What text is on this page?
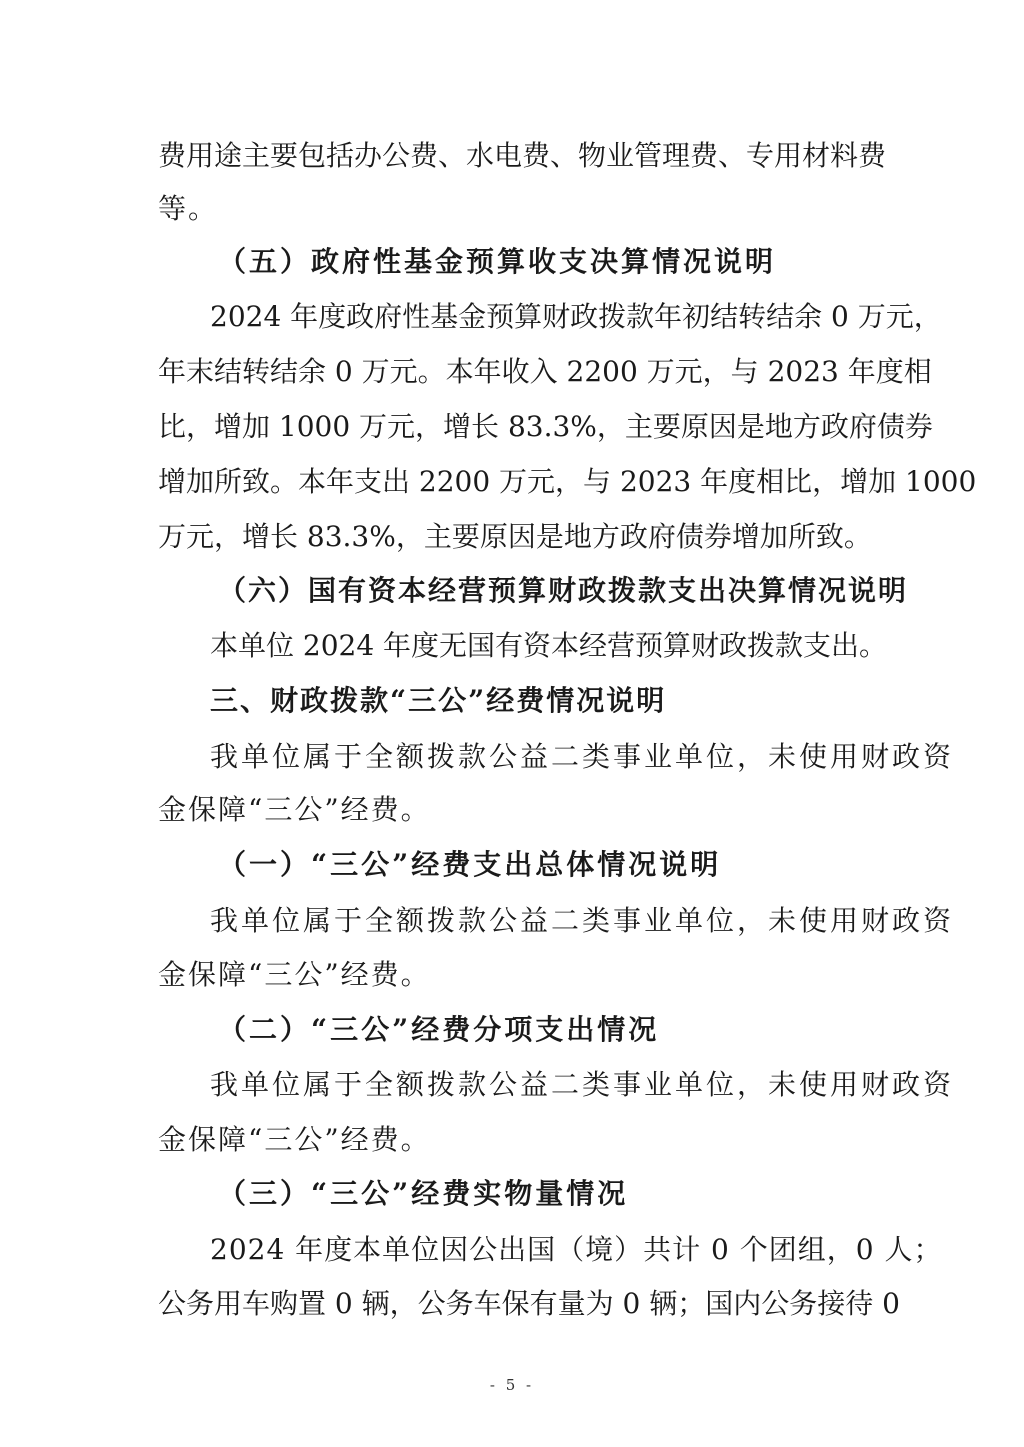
费用途主要包括办公费、水电费、物业管理费、专用材料费
等。
（五）政府性基金预算收支决算情况说明
2024 年度政府性基金预算财政拨款年初结转结余 0 万元，
年末结转结余 0 万元。本年收入 2200 万元，与 2023 年度相
比，增加 1000 万元，增长 83.3%，主要原因是地方政府债券
增加所致。本年支出 2200 万元，与 2023 年度相比，增加 1000
万元，增长 83.3%，主要原因是地方政府债券增加所致。
（六）国有资本经营预算财政拨款支出决算情况说明
本单位 2024 年度无国有资本经营预算财政拨款支出。
三、财政拨款“三公”经费情况说明
我单位属于全额拨款公益二类事业单位，未使用财政资
金保障“三公”经费。
（一）“三公”经费支出总体情况说明
我单位属于全额拨款公益二类事业单位，未使用财政资
金保障“三公”经费。
（二）“三公”经费分项支出情况
我单位属于全额拨款公益二类事业单位，未使用财政资
金保障“三公”经费。
（三）“三公”经费实物量情况
2024 年度本单位因公出国（境）共计 0 个团组，0 人；
公务用车购置 0 辆，公务车保有量为 0 辆；国内公务接待 0
- 5 -
